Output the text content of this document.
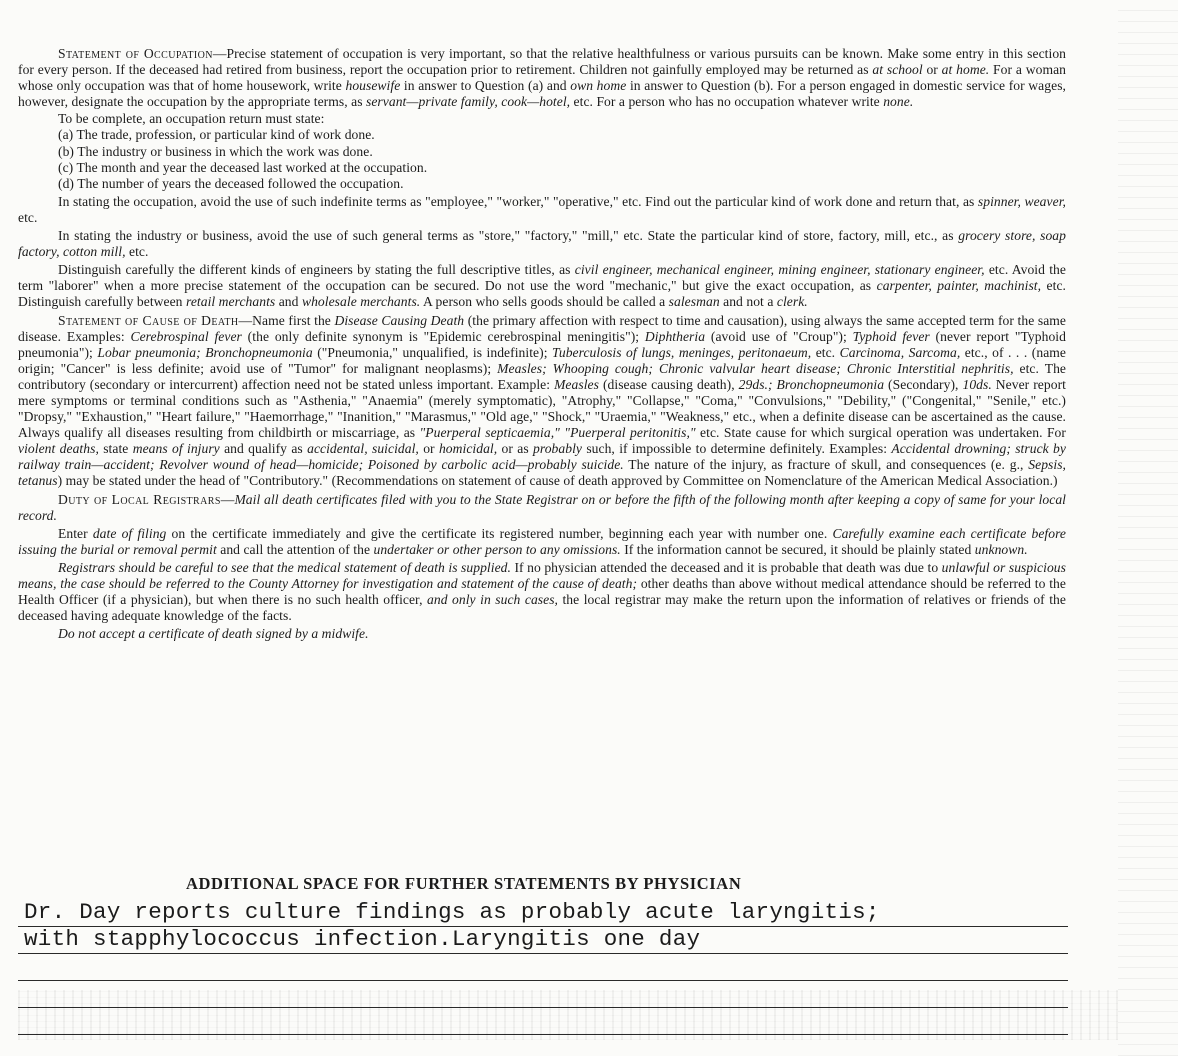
Statement of Occupation—Precise statement of occupation is very important, so that the relative healthfulness or various pursuits can be known. Make some entry in this section for every person. If the deceased had retired from business, report the occupation prior to retirement. Children not gainfully employed may be returned as at school or at home. For a woman whose only occupation was that of home housework, write housewife in answer to Question (a) and own home in answer to Question (b). For a person engaged in domestic service for wages, however, designate the occupation by the appropriate terms, as servant—private family, cook—hotel, etc. For a person who has no occupation whatever write none.

To be complete, an occupation return must state:

(a) The trade, profession, or particular kind of work done.
(b) The industry or business in which the work was done.
(c) The month and year the deceased last worked at the occupation.
(d) The number of years the deceased followed the occupation.

In stating the occupation, avoid the use of such indefinite terms as "employee," "worker," "operative," etc. Find out the particular kind of work done and return that, as spinner, weaver, etc.

In stating the industry or business, avoid the use of such general terms as "store," "factory," "mill," etc. State the particular kind of store, factory, mill, etc., as grocery store, soap factory, cotton mill, etc.

Distinguish carefully the different kinds of engineers by stating the full descriptive titles, as civil engineer, mechanical engineer, mining engineer, stationary engineer, etc. Avoid the term "laborer" when a more precise statement of the occupation can be secured. Do not use the word "mechanic," but give the exact occupation, as carpenter, painter, machinist, etc. Distinguish carefully between retail merchants and wholesale merchants. A person who sells goods should be called a salesman and not a clerk.

Statement of Cause of Death—Name first the Disease Causing Death (the primary affection with respect to time and causation), using always the same accepted term for the same disease. Examples: Cerebrospinal fever (the only definite synonym is "Epidemic cerebrospinal meningitis"); Diphtheria (avoid use of "Croup"); Typhoid fever (never report "Typhoid pneumonia"); Lobar pneumonia; Bronchopneumonia ("Pneumonia," unqualified, is indefinite); Tuberculosis of lungs, meninges, peritonaeum, etc. Carcinoma, Sarcoma, etc., of . . . (name origin; "Cancer" is less definite; avoid use of "Tumor" for malignant neoplasms); Measles; Whooping cough; Chronic valvular heart disease; Chronic Interstitial nephritis, etc. The contributory (secondary or intercurrent) affection need not be stated unless important. Example: Measles (disease causing death), 29ds.; Bronchopneumonia (Secondary), 10ds. Never report mere symptoms or terminal conditions such as "Asthenia," "Anaemia" (merely symptomatic), "Atrophy," "Collapse," "Coma," "Convulsions," "Debility," ("Congenital," "Senile," etc.) "Dropsy," "Exhaustion," "Heart failure," "Haemorrhage," "Inanition," "Marasmus," "Old age," "Shock," "Uraemia," "Weakness," etc., when a definite disease can be ascertained as the cause. Always qualify all diseases resulting from childbirth or miscarriage, as "Puerperal septicaemia," "Puerperal peritonitis," etc. State cause for which surgical operation was undertaken. For violent deaths, state means of injury and qualify as accidental, suicidal, or homicidal, or as probably such, if impossible to determine definitely. Examples: Accidental drowning; struck by railway train—accident; Revolver wound of head—homicide; Poisoned by carbolic acid—probably suicide. The nature of the injury, as fracture of skull, and consequences (e. g., Sepsis, tetanus) may be stated under the head of "Contributory." (Recommendations on statement of cause of death approved by Committee on Nomenclature of the American Medical Association.)

Duty of Local Registrars—Mail all death certificates filed with you to the State Registrar on or before the fifth of the following month after keeping a copy of same for your local record.

Enter date of filing on the certificate immediately and give the certificate its registered number, beginning each year with number one. Carefully examine each certificate before issuing the burial or removal permit and call the attention of the undertaker or other person to any omissions. If the information cannot be secured, it should be plainly stated unknown.

Registrars should be careful to see that the medical statement of death is supplied. If no physician attended the deceased and it is probable that death was due to unlawful or suspicious means, the case should be referred to the County Attorney for investigation and statement of the cause of death; other deaths than above without medical attendance should be referred to the Health Officer (if a physician), but when there is no such health officer, and only in such cases, the local registrar may make the return upon the information of relatives or friends of the deceased having adequate knowledge of the facts.

Do not accept a certificate of death signed by a midwife.

ADDITIONAL SPACE FOR FURTHER STATEMENTS BY PHYSICIAN
Dr. Day reports culture findings as probably acute laryngitis;
with stapphylococcus infection.Laryngitis one day
